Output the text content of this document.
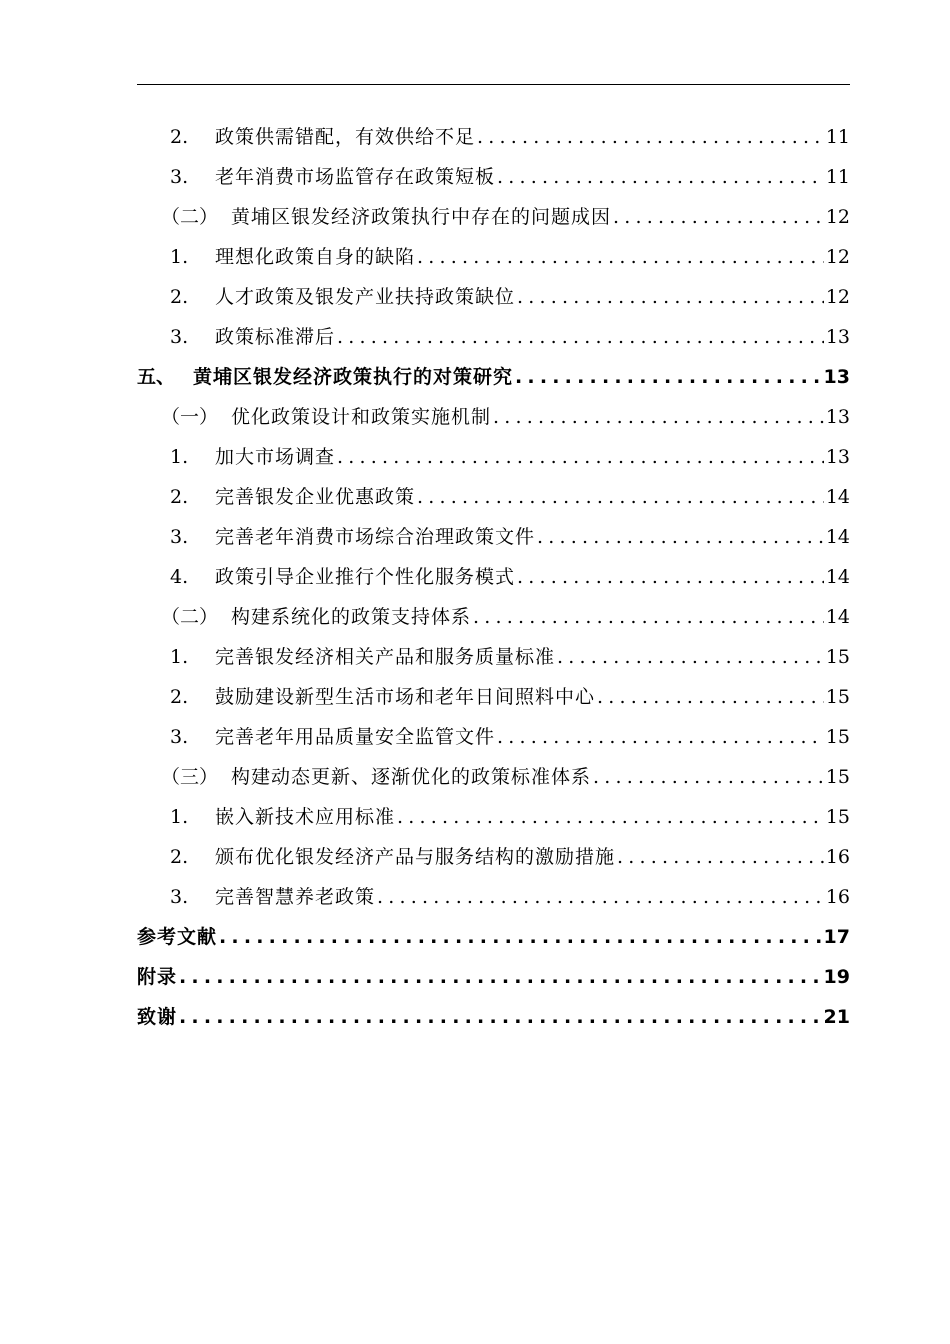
2.	政策供需错配，有效供给不足 .....	11
3.	老年消费市场监管存在政策短板 .....	11
（二） 黄埔区银发经济政策执行中存在的问题成因 .....	12
1.	理想化政策自身的缺陷 .....	12
2.	人才政策及银发产业扶持政策缺位 .....	12
3.	政策标准滞后 .....	13
五、 黄埔区银发经济政策执行的对策研究 .....	13
（一） 优化政策设计和政策实施机制 .....	13
1.	加大市场调查 .....	13
2.	完善银发企业优惠政策 .....	14
3.	完善老年消费市场综合治理政策文件 .....	14
4.	政策引导企业推行个性化服务模式 .....	14
（二） 构建系统化的政策支持体系 .....	14
1.	完善银发经济相关产品和服务质量标准 .....	15
2.	鼓励建设新型生活市场和老年日间照料中心 .....	15
3.	完善老年用品质量安全监管文件 .....	15
（三） 构建动态更新、逐渐优化的政策标准体系 .....	15
1.	嵌入新技术应用标准 .....	15
2.	颁布优化银发经济产品与服务结构的激励措施 .....	16
3.	完善智慧养老政策 .....	16
参考文献 .....	17
附录 .....	19
致谢 .....	21
